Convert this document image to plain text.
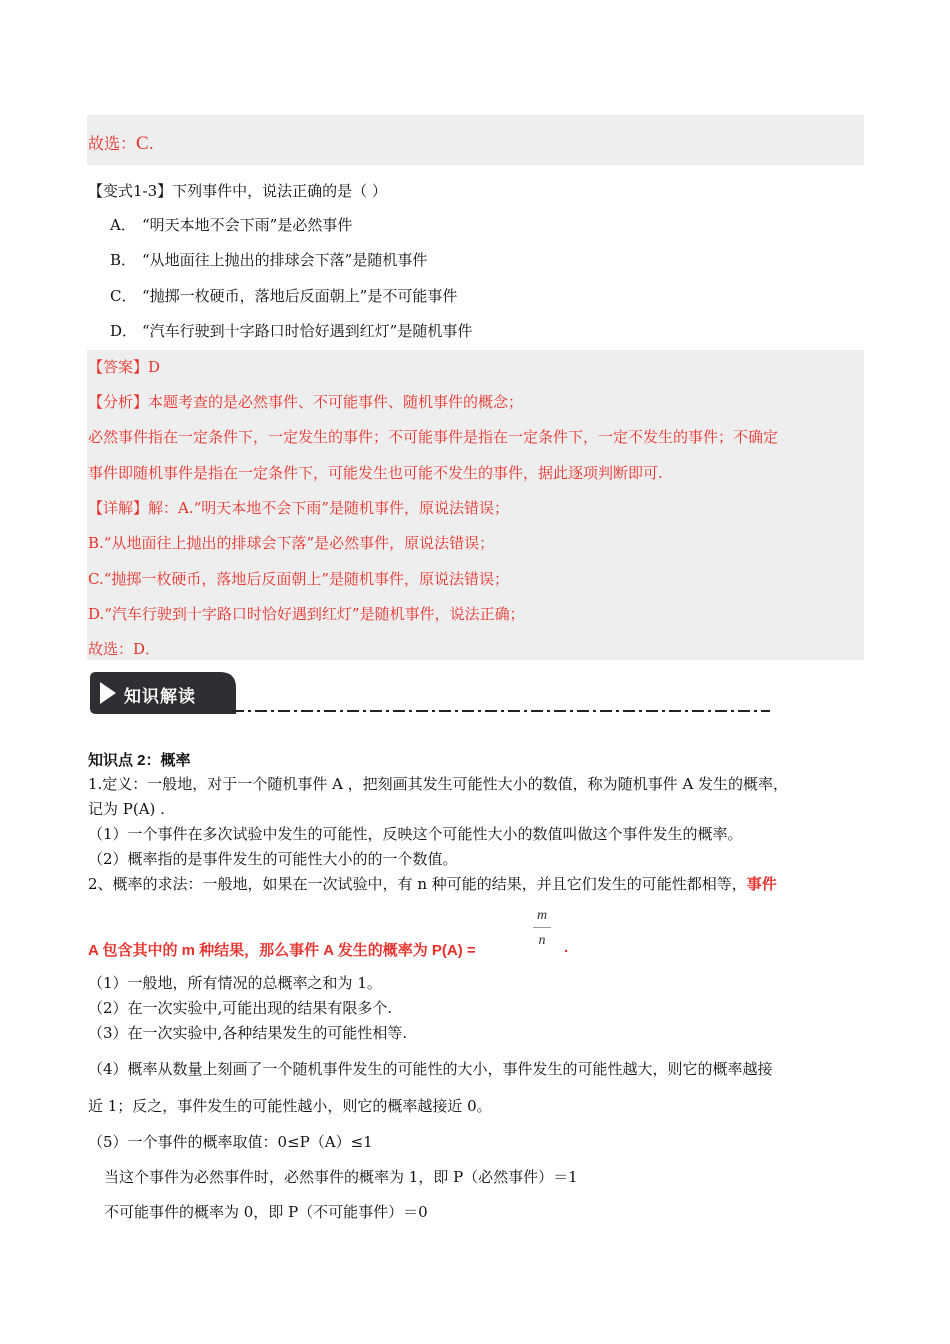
故选：C.
【变式1-3】下列事件中，说法正确的是（ ）
A． “明天本地不会下雨”是必然事件
B． “从地面往上抛出的排球会下落”是随机事件
C． “抛掷一枚硬币，落地后反面朝上”是不可能事件
D． “汽车行驶到十字路口时恰好遇到红灯”是随机事件
【答案】D
【分析】本题考查的是必然事件、不可能事件、随机事件的概念；
必然事件指在一定条件下，一定发生的事件；不可能事件是指在一定条件下，一定不发生的事件；不确定
事件即随机事件是指在一定条件下，可能发生也可能不发生的事件，据此逐项判断即可.
【详解】解：A.“明天本地不会下雨”是随机事件，原说法错误；
B.“从地面往上抛出的排球会下落”是必然事件，原说法错误；
C.“抛掷一枚硬币，落地后反面朝上”是随机事件，原说法错误；
D.“汽车行驶到十字路口时恰好遇到红灯”是随机事件，说法正确；
故选：D．
知识解读
知识点 2：概率
1.定义：一般地，对于一个随机事件 A ，把刻画其发生可能性大小的数值，称为随机事件 A 发生的概率，
记为 P(A) .
（1）一个事件在多次试验中发生的可能性，反映这个可能性大小的数值叫做这个事件发生的概率。
（2）概率指的是事件发生的可能性大小的的一个数值。
2、概率的求法：一般地，如果在一次试验中，有 n 种可能的结果，并且它们发生的可能性都相等，事件
m
n
A 包含其中的 m 种结果，那么事件 A 发生的概率为 P(A) =	.
（1）一般地，所有情况的总概率之和为 1。
（2）在一次实验中,可能出现的结果有限多个.
（3）在一次实验中,各种结果发生的可能性相等.
（4）概率从数量上刻画了一个随机事件发生的可能性的大小，事件发生的可能性越大，则它的概率越接
近 1；反之，事件发生的可能性越小，则它的概率越接近 0。
（5）一个事件的概率取值：0≤P（A）≤1
当这个事件为必然事件时，必然事件的概率为 1，即 P（必然事件）＝1
不可能事件的概率为 0，即 P（不可能事件）＝0
